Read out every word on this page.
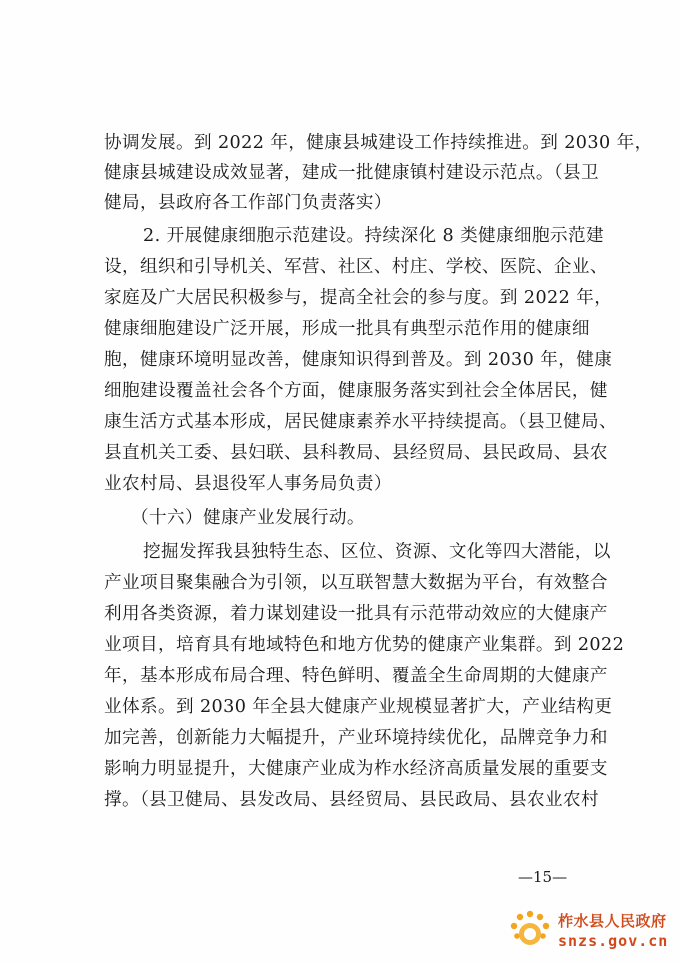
协调发展。到 2022 年，健康县城建设工作持续推进。到 2030 年，
健康县城建设成效显著，建成一批健康镇村建设示范点。（县卫
健局，县政府各工作部门负责落实）
2. 开展健康细胞示范建设。持续深化 8 类健康细胞示范建
设，组织和引导机关、军营、社区、村庄、学校、医院、企业、
家庭及广大居民积极参与，提高全社会的参与度。到 2022 年，
健康细胞建设广泛开展，形成一批具有典型示范作用的健康细
胞，健康环境明显改善，健康知识得到普及。到 2030 年，健康
细胞建设覆盖社会各个方面，健康服务落实到社会全体居民，健
康生活方式基本形成，居民健康素养水平持续提高。（县卫健局、
县直机关工委、县妇联、县科教局、县经贸局、县民政局、县农
业农村局、县退役军人事务局负责）
（十六）健康产业发展行动。
挖掘发挥我县独特生态、区位、资源、文化等四大潜能，以
产业项目聚集融合为引领，以互联智慧大数据为平台，有效整合
利用各类资源，着力谋划建设一批具有示范带动效应的大健康产
业项目，培育具有地域特色和地方优势的健康产业集群。到 2022
年，基本形成布局合理、特色鲜明、覆盖全生命周期的大健康产
业体系。到 2030 年全县大健康产业规模显著扩大，产业结构更
加完善，创新能力大幅提升，产业环境持续优化，品牌竞争力和
影响力明显提升，大健康产业成为柞水经济高质量发展的重要支
撑。（县卫健局、县发改局、县经贸局、县民政局、县农业农村
—15—
柞水县人民政府
snzs.gov.cn
